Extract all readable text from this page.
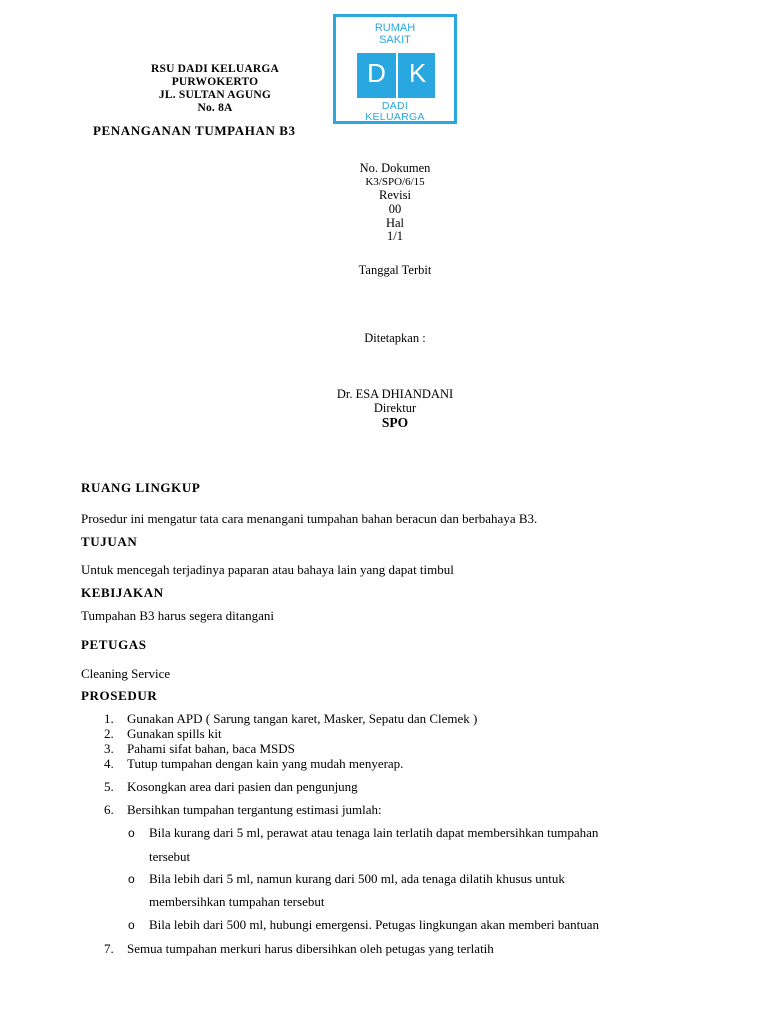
RSU DADI KELUARGA
PURWOKERTO
JL. SULTAN AGUNG
No. 8A
RUMAH
SAKIT
D K
DADI
KELUARGA
PENANGANAN TUMPAHAN B3
No. Dokumen
K3/SPO/6/15
Revisi
00
Hal
1/1
Tanggal Terbit
Ditetapkan :
Dr. ESA DHIANDANI
Direktur
SPO
RUANG LINGKUP
Prosedur ini mengatur tata cara menangani tumpahan bahan beracun dan berbahaya B3.
TUJUAN
Untuk mencegah terjadinya paparan atau bahaya lain yang dapat timbul
KEBIJAKAN
Tumpahan B3 harus segera ditangani
PETUGAS
Cleaning Service
PROSEDUR
1. Gunakan APD ( Sarung tangan karet, Masker, Sepatu dan Clemek )
2. Gunakan spills kit
3. Pahami sifat bahan, baca MSDS
4. Tutup tumpahan dengan kain yang mudah menyerap.
5. Kosongkan area dari pasien dan pengunjung
6. Bersihkan tumpahan tergantung estimasi jumlah:
o Bila kurang dari 5 ml, perawat atau tenaga lain terlatih dapat membersihkan tumpahan
tersebut
o Bila lebih dari 5 ml, namun kurang dari 500 ml, ada tenaga dilatih khusus untuk
membersihkan tumpahan tersebut
o Bila lebih dari 500 ml, hubungi emergensi. Petugas lingkungan akan memberi bantuan
7. Semua tumpahan merkuri harus dibersihkan oleh petugas yang terlatih
